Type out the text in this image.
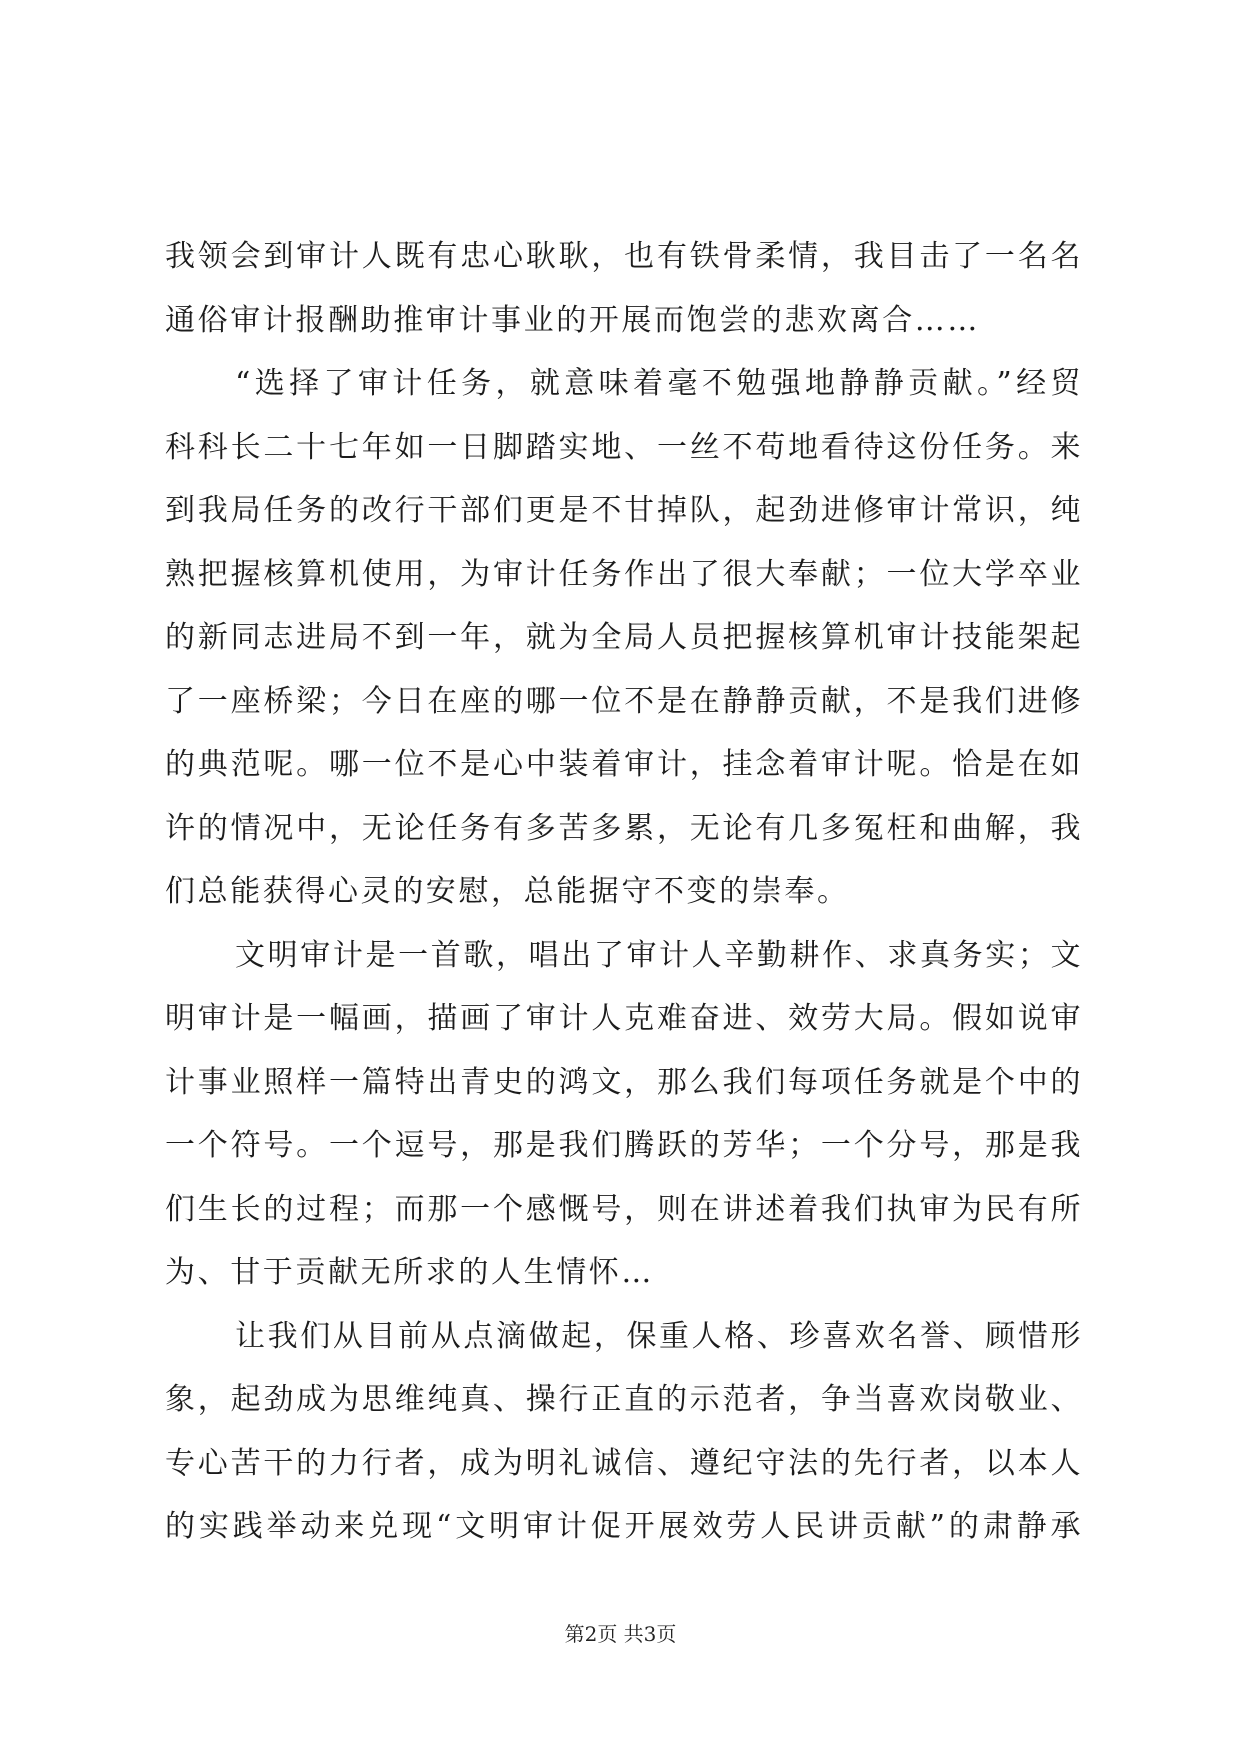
我领会到审计人既有忠心耿耿，也有铁骨柔情，我目击了一名名
通俗审计报酬助推审计事业的开展而饱尝的悲欢离合……
“选择了审计任务，就意味着毫不勉强地静静贡献。”经贸
科科长二十七年如一日脚踏实地、一丝不苟地看待这份任务。来
到我局任务的改行干部们更是不甘掉队，起劲进修审计常识，纯
熟把握核算机使用，为审计任务作出了很大奉献；一位大学卒业
的新同志进局不到一年，就为全局人员把握核算机审计技能架起
了一座桥梁；今日在座的哪一位不是在静静贡献，不是我们进修
的典范呢。哪一位不是心中装着审计，挂念着审计呢。恰是在如
许的情况中，无论任务有多苦多累，无论有几多冤枉和曲解，我
们总能获得心灵的安慰，总能据守不变的崇奉。
文明审计是一首歌，唱出了审计人辛勤耕作、求真务实；文
明审计是一幅画，描画了审计人克难奋进、效劳大局。假如说审
计事业照样一篇特出青史的鸿文，那么我们每项任务就是个中的
一个符号。一个逗号，那是我们腾跃的芳华；一个分号，那是我
们生长的过程；而那一个感慨号，则在讲述着我们执审为民有所
为、甘于贡献无所求的人生情怀…
让我们从目前从点滴做起，保重人格、珍喜欢名誉、顾惜形
象，起劲成为思维纯真、操行正直的示范者，争当喜欢岗敬业、
专心苦干的力行者，成为明礼诚信、遵纪守法的先行者，以本人
的实践举动来兑现“文明审计促开展效劳人民讲贡献”的肃静承
第2页 共3页
